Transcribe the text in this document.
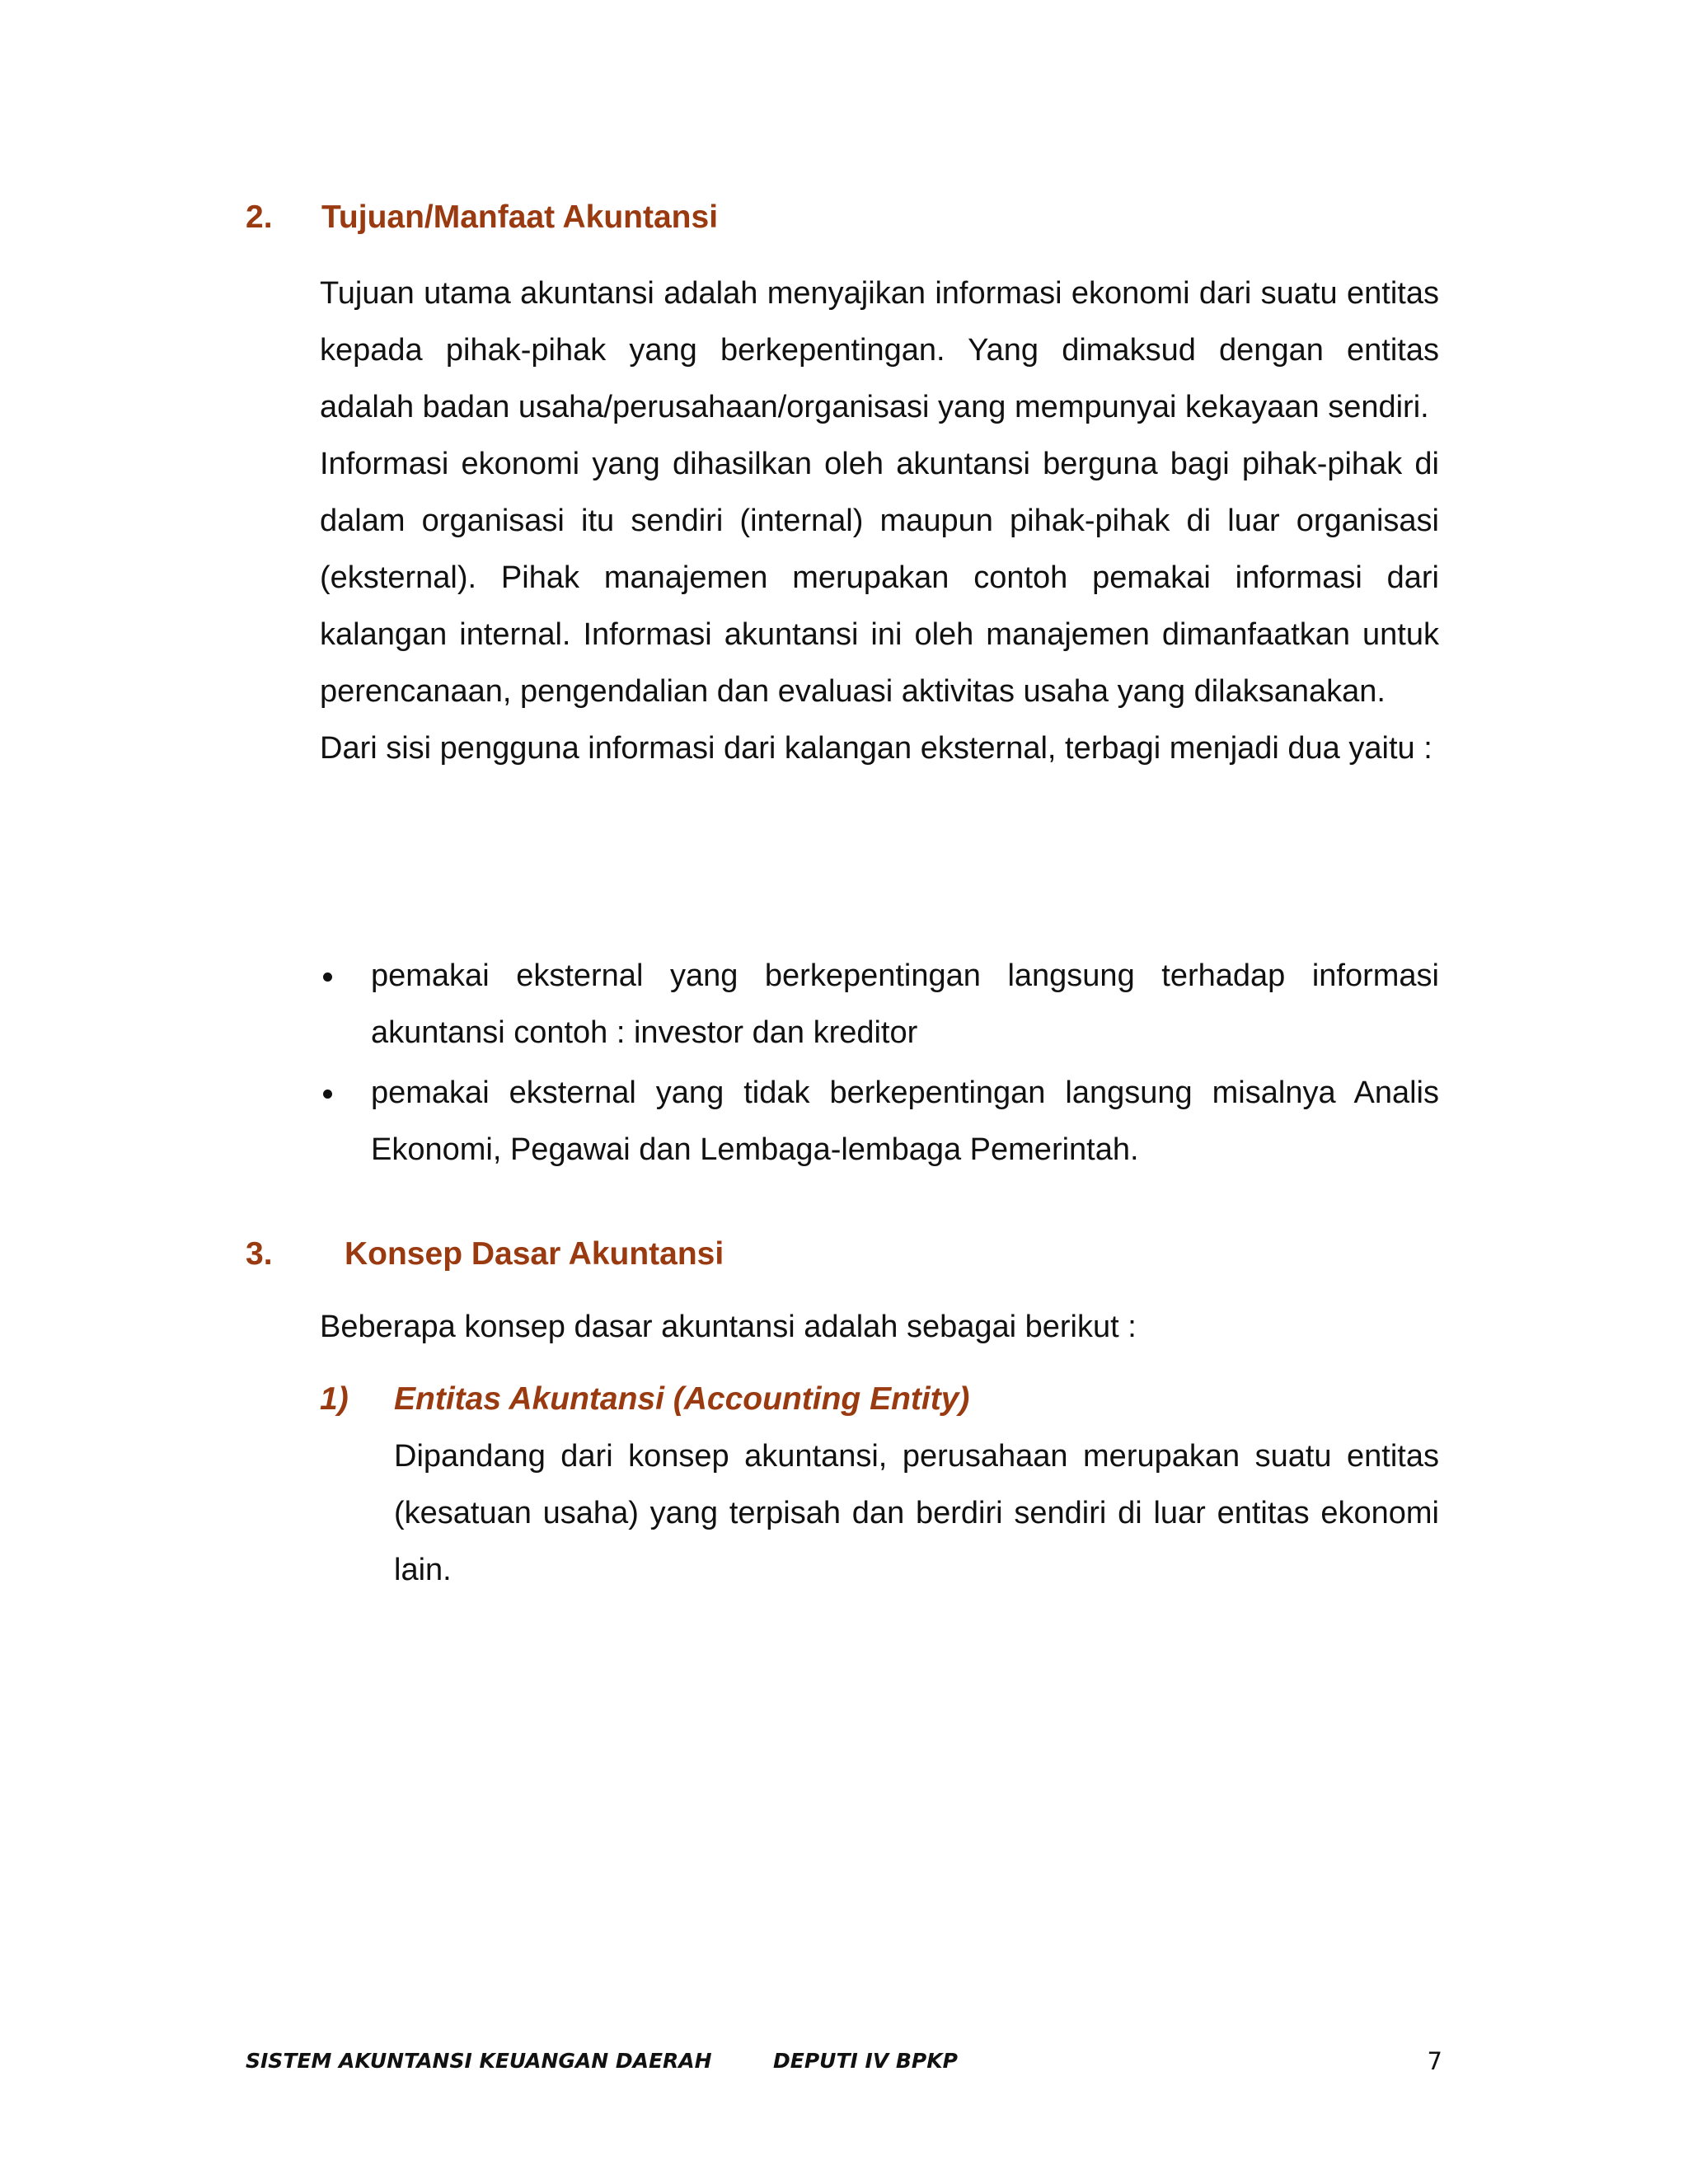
2. Tujuan/Manfaat Akuntansi

Tujuan utama akuntansi adalah menyajikan informasi ekonomi dari suatu entitas kepada pihak-pihak yang berkepentingan. Yang dimaksud dengan entitas adalah badan usaha/perusahaan/organisasi yang mempunyai kekayaan sendiri.

Informasi ekonomi yang dihasilkan oleh akuntansi berguna bagi pihak-pihak di dalam organisasi itu sendiri (internal) maupun pihak-pihak di luar organisasi (eksternal). Pihak manajemen merupakan contoh pemakai informasi dari kalangan internal. Informasi akuntansi ini oleh manajemen dimanfaatkan untuk perencanaan, pengendalian dan evaluasi aktivitas usaha yang dilaksanakan.

Dari sisi pengguna informasi dari kalangan eksternal, terbagi menjadi dua yaitu :

pemakai eksternal yang berkepentingan langsung terhadap informasi akuntansi contoh : investor dan kreditor
pemakai eksternal yang tidak berkepentingan langsung misalnya Analis Ekonomi, Pegawai dan Lembaga-lembaga Pemerintah.
3. Konsep Dasar Akuntansi

Beberapa konsep dasar akuntansi adalah sebagai berikut :

1) Entitas Akuntansi (Accounting Entity)

Dipandang dari konsep akuntansi, perusahaan merupakan suatu entitas (kesatuan usaha) yang terpisah dan berdiri sendiri di luar entitas ekonomi lain.

SISTEM AKUNTANSI KEUANGAN DAERAH	DEPUTI IV BPKP	7
